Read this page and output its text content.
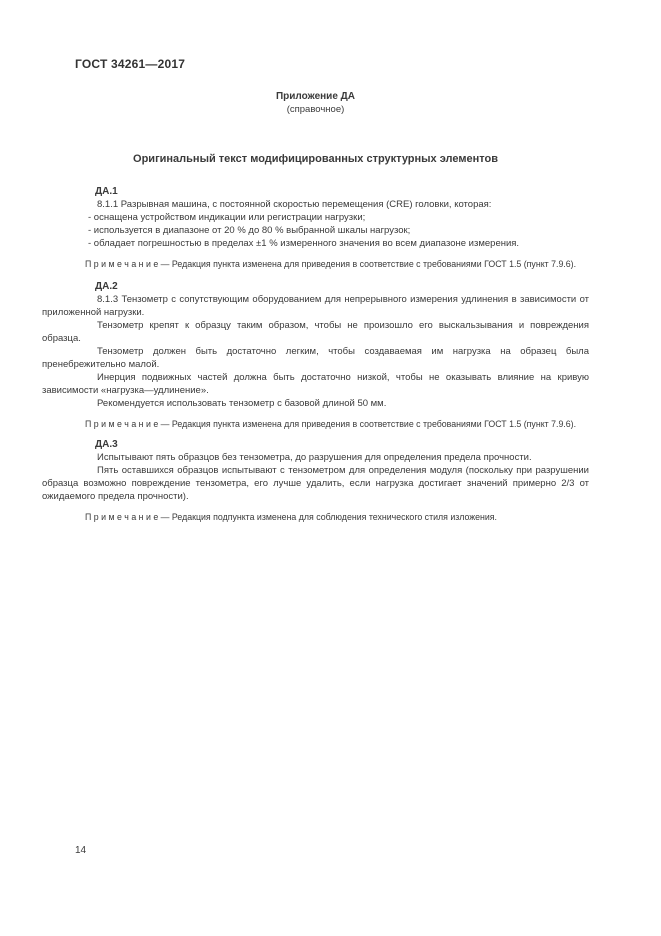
ГОСТ 34261—2017
Приложение ДА
(справочное)
Оригинальный текст модифицированных структурных элементов
ДА.1

8.1.1 Разрывная машина, с постоянной скоростью перемещения (CRE) головки, которая:

- оснащена устройством индикации или регистрации нагрузки;

- используется в диапазоне от 20 % до 80 % выбранной шкалы нагрузок;

- обладает погрешностью в пределах ±1 % измеренного значения во всем диапазоне измерения.

П р и м е ч а н и е — Редакция пункта изменена для приведения в соответствие с требованиями ГОСТ 1.5 (пункт 7.9.6).

ДА.2

8.1.3 Тензометр с сопутствующим оборудованием для непрерывного измерения удлинения в зависимости от приложенной нагрузки.

Тензометр крепят к образцу таким образом, чтобы не произошло его выскальзывания и повреждения образца.

Тензометр должен быть достаточно легким, чтобы создаваемая им нагрузка на образец была пренебрежительно малой.

Инерция подвижных частей должна быть достаточно низкой, чтобы не оказывать влияние на кривую зависимости «нагрузка—удлинение».

Рекомендуется использовать тензометр с базовой длиной 50 мм.

П р и м е ч а н и е — Редакция пункта изменена для приведения в соответствие с требованиями ГОСТ 1.5 (пункт 7.9.6).

ДА.3

Испытывают пять образцов без тензометра, до разрушения для определения предела прочности.

Пять оставшихся образцов испытывают с тензометром для определения модуля (поскольку при разрушении образца возможно повреждение тензометра, его лучше удалить, если нагрузка достигает значений примерно 2/3 от ожидаемого предела прочности).

П р и м е ч а н и е — Редакция подпункта изменена для соблюдения технического стиля изложения.

14
